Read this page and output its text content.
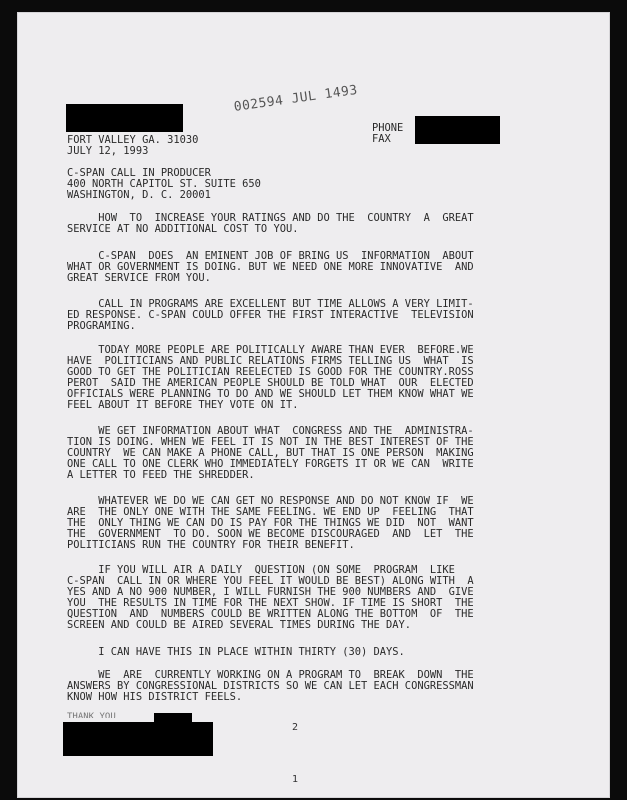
002594 JUL 1493
FORT VALLEY GA. 31030
JULY 12, 1993
PHONE
FAX
C-SPAN CALL IN PRODUCER
400 NORTH CAPITOL ST. SUITE 650
WASHINGTON, D. C. 20001
HOW  TO  INCREASE YOUR RATINGS AND DO THE  COUNTRY  A  GREAT
SERVICE AT NO ADDITIONAL COST TO YOU.
C-SPAN  DOES  AN EMINENT JOB OF BRING US  INFORMATION  ABOUT
WHAT OR GOVERNMENT IS DOING. BUT WE NEED ONE MORE INNOVATIVE  AND
GREAT SERVICE FROM YOU.
CALL IN PROGRAMS ARE EXCELLENT BUT TIME ALLOWS A VERY LIMIT-
ED RESPONSE. C-SPAN COULD OFFER THE FIRST INTERACTIVE  TELEVISION
PROGRAMING.
TODAY MORE PEOPLE ARE POLITICALLY AWARE THAN EVER  BEFORE.WE
HAVE  POLITICIANS AND PUBLIC RELATIONS FIRMS TELLING US  WHAT  IS
GOOD TO GET THE POLITICIAN REELECTED IS GOOD FOR THE COUNTRY.ROSS
PEROT  SAID THE AMERICAN PEOPLE SHOULD BE TOLD WHAT  OUR  ELECTED
OFFICIALS WERE PLANNING TO DO AND WE SHOULD LET THEM KNOW WHAT WE
FEEL ABOUT IT BEFORE THEY VOTE ON IT.
WE GET INFORMATION ABOUT WHAT  CONGRESS AND THE  ADMINISTRA-
TION IS DOING. WHEN WE FEEL IT IS NOT IN THE BEST INTEREST OF THE
COUNTRY  WE CAN MAKE A PHONE CALL, BUT THAT IS ONE PERSON  MAKING
ONE CALL TO ONE CLERK WHO IMMEDIATELY FORGETS IT OR WE CAN  WRITE
A LETTER TO FEED THE SHREDDER.
WHATEVER WE DO WE CAN GET NO RESPONSE AND DO NOT KNOW IF  WE
ARE  THE ONLY ONE WITH THE SAME FEELING. WE END UP  FEELING  THAT
THE  ONLY THING WE CAN DO IS PAY FOR THE THINGS WE DID  NOT  WANT
THE  GOVERNMENT  TO DO. SOON WE BECOME DISCOURAGED  AND  LET  THE
POLITICIANS RUN THE COUNTRY FOR THEIR BENEFIT.
IF YOU WILL AIR A DAILY  QUESTION (ON SOME  PROGRAM  LIKE
C-SPAN  CALL IN OR WHERE YOU FEEL IT WOULD BE BEST) ALONG WITH  A
YES AND A NO 900 NUMBER, I WILL FURNISH THE 900 NUMBERS AND  GIVE
YOU  THE RESULTS IN TIME FOR THE NEXT SHOW. IF TIME IS SHORT  THE
QUESTION  AND  NUMBERS COULD BE WRITTEN ALONG THE BOTTOM  OF  THE
SCREEN AND COULD BE AIRED SEVERAL TIMES DURING THE DAY.
I CAN HAVE THIS IN PLACE WITHIN THIRTY (30) DAYS.
WE  ARE  CURRENTLY WORKING ON A PROGRAM TO  BREAK  DOWN  THE
ANSWERS BY CONGRESSIONAL DISTRICTS SO WE CAN LET EACH CONGRESSMAN
KNOW HOW HIS DISTRICT FEELS.
THANK YOU
2
1
